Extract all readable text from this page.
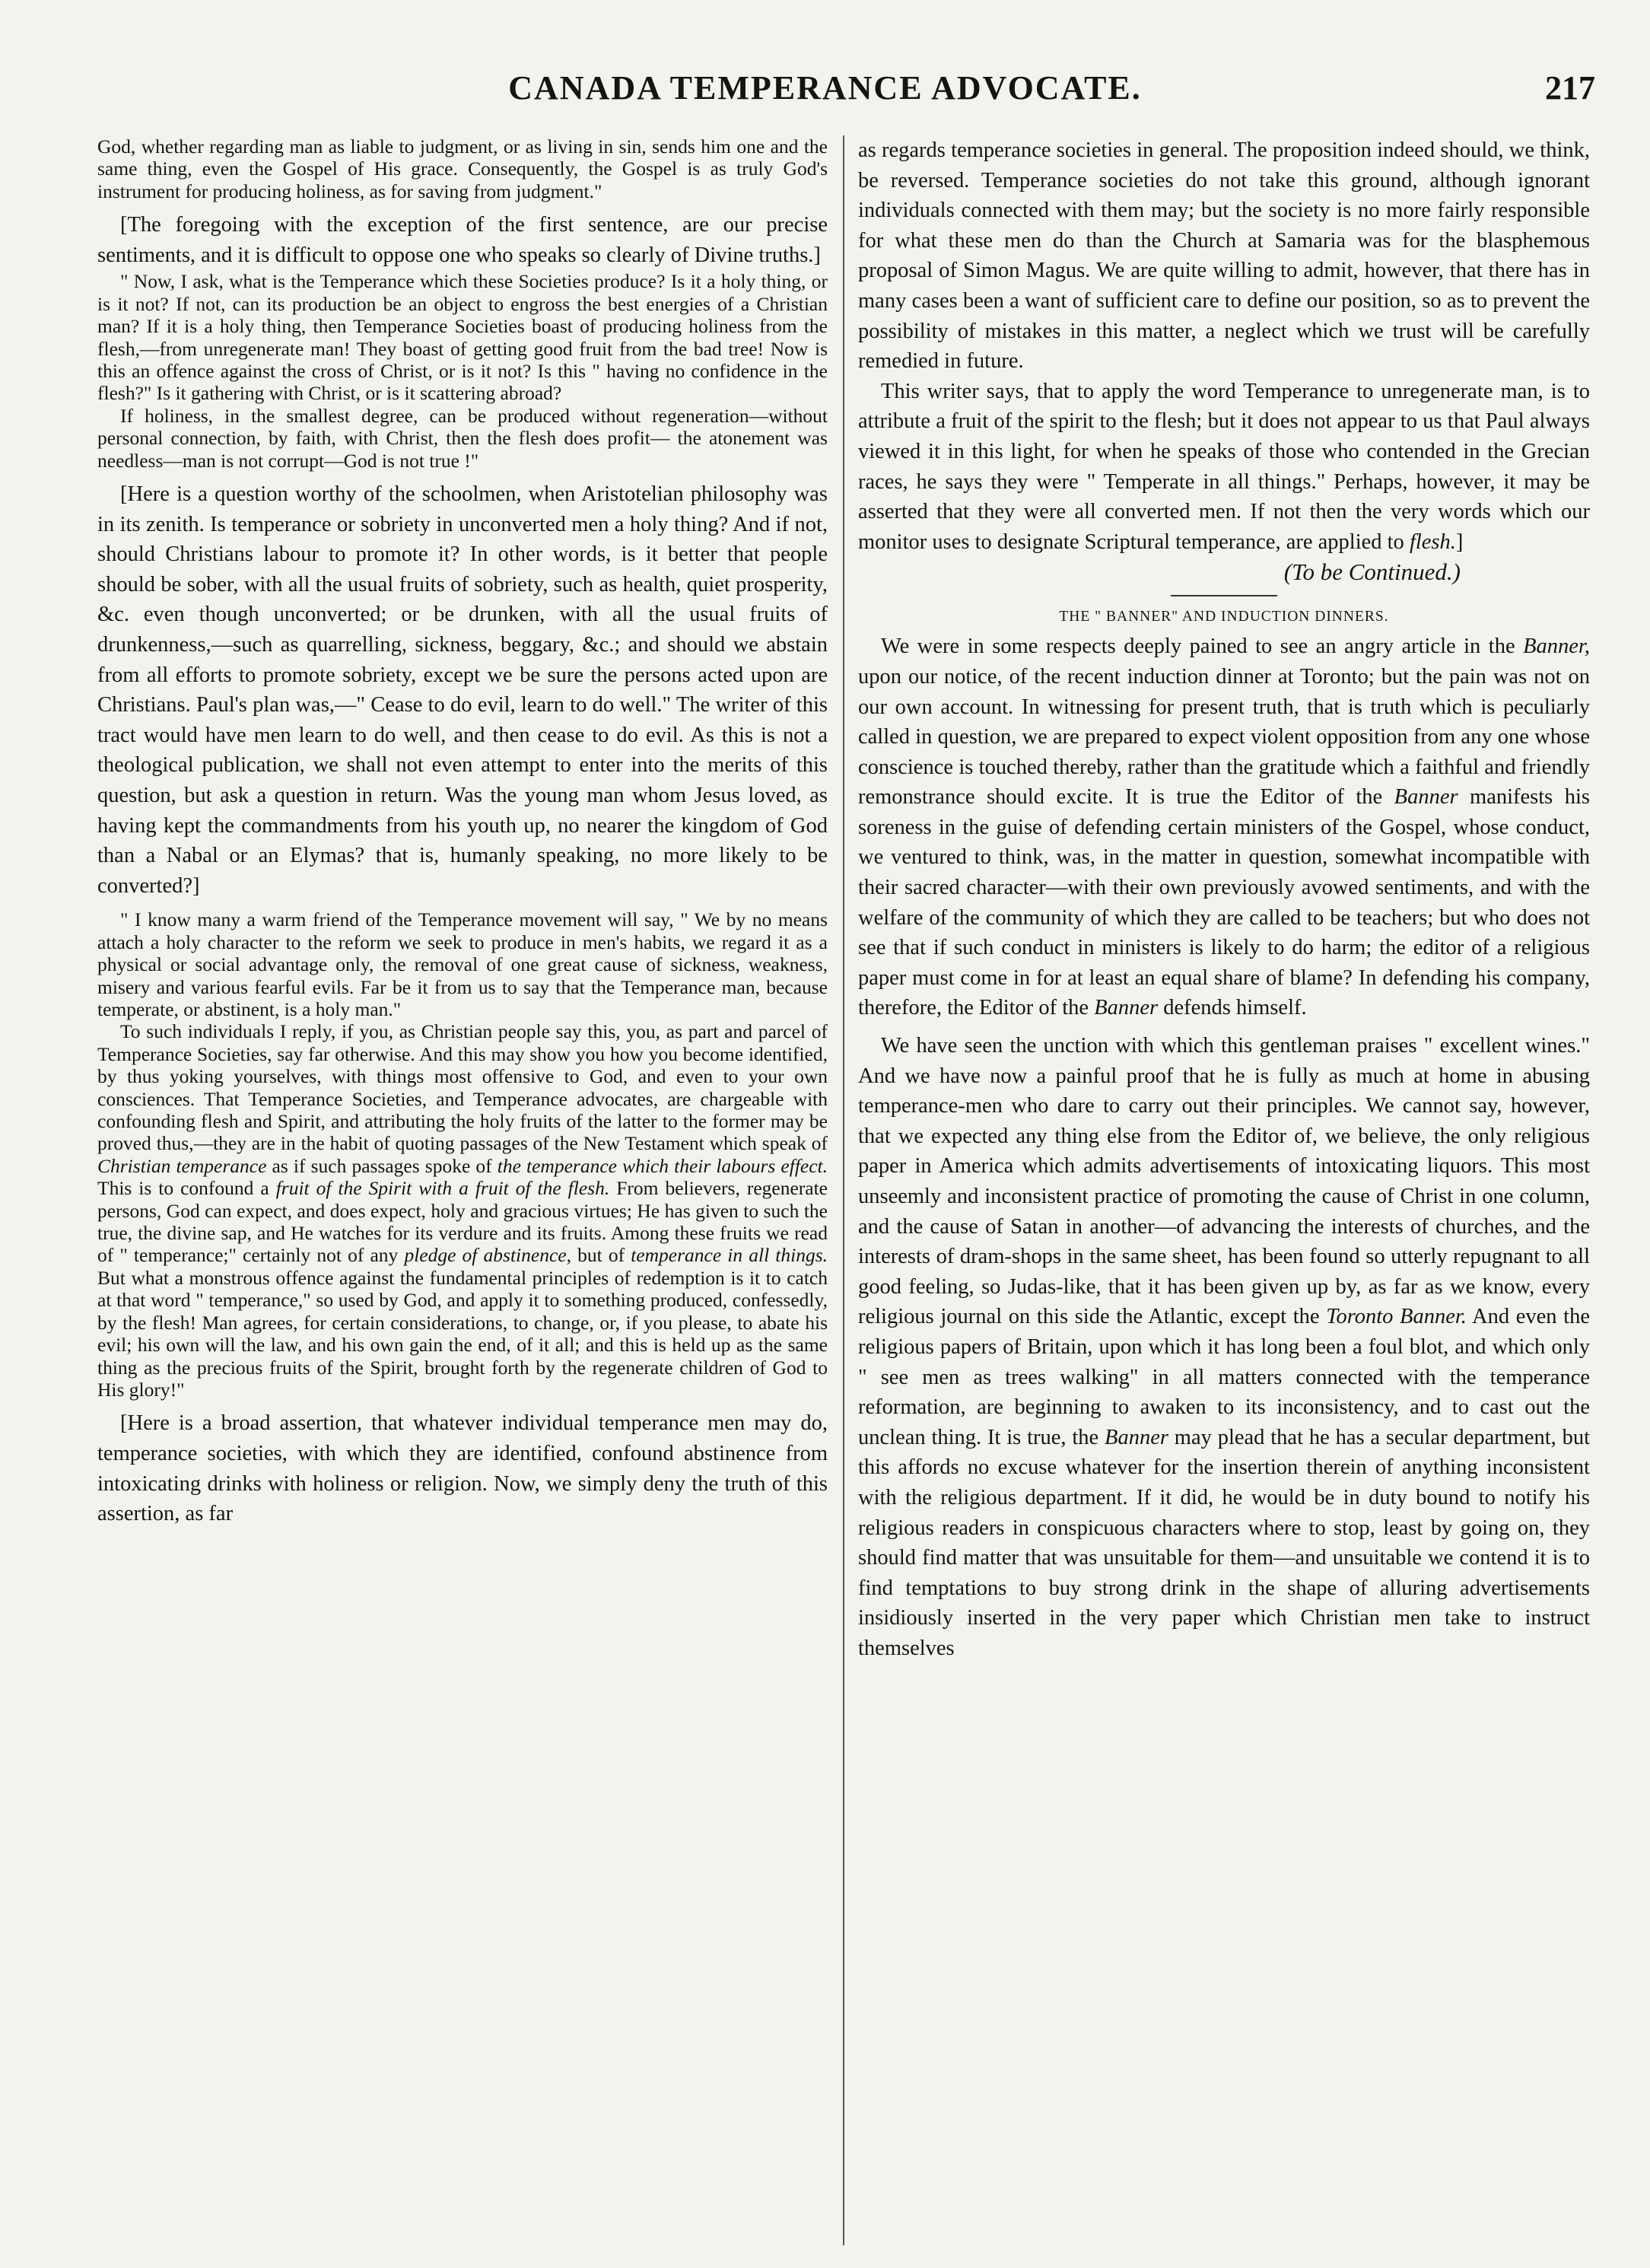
CANADA TEMPERANCE ADVOCATE.	217

God, whether regarding man as liable to judgment, or as living in sin, sends him one and the same thing, even the Gospel of His grace. Consequently, the Gospel is as truly God's instrument for producing holiness, as for saving from judgment."

[The foregoing with the exception of the first sentence, are our precise sentiments, and it is difficult to oppose one who speaks so clearly of Divine truths.]

" Now, I ask, what is the Temperance which these Societies produce? Is it a holy thing, or is it not? If not, can its production be an object to engross the best energies of a Christian man? If it is a holy thing, then Temperance Societies boast of producing holiness from the flesh,—from unregenerate man! They boast of getting good fruit from the bad tree! Now is this an offence against the cross of Christ, or is it not? Is this " having no confidence in the flesh?" Is it gathering with Christ, or is it scattering abroad?

If holiness, in the smallest degree, can be produced without regeneration—without personal connection, by faith, with Christ, then the flesh does profit— the atonement was needless—man is not corrupt—God is not true !"

[Here is a question worthy of the schoolmen, when Aristotelian philosophy was in its zenith. Is temperance or sobriety in unconverted men a holy thing? And if not, should Christians labour to promote it? In other words, is it better that people should be sober, with all the usual fruits of sobriety, such as health, quiet prosperity, &c. even though unconverted; or be drunken, with all the usual fruits of drunkenness,—such as quarrelling, sickness, beggary, &c.; and should we abstain from all efforts to promote sobriety, except we be sure the persons acted upon are Christians. Paul's plan was,—" Cease to do evil, learn to do well." The writer of this tract would have men learn to do well, and then cease to do evil. As this is not a theological publication, we shall not even attempt to enter into the merits of this question, but ask a question in return. Was the young man whom Jesus loved, as having kept the commandments from his youth up, no nearer the kingdom of God than a Nabal or an Elymas? that is, humanly speaking, no more likely to be converted?]

" I know many a warm friend of the Temperance movement will say, " We by no means attach a holy character to the reform we seek to produce in men's habits, we regard it as a physical or social advantage only, the removal of one great cause of sickness, weakness, misery and various fearful evils. Far be it from us to say that the Temperance man, because temperate, or abstinent, is a holy man."

To such individuals I reply, if you, as Christian people say this, you, as part and parcel of Temperance Societies, say far otherwise. And this may show you how you become identified, by thus yoking yourselves, with things most offensive to God, and even to your own consciences. That Temperance Societies, and Temperance advocates, are chargeable with confounding flesh and Spirit, and attributing the holy fruits of the latter to the former may be proved thus,—they are in the habit of quoting passages of the New Testament which speak of Christian temperance as if such passages spoke of the temperance which their labours effect. This is to confound a fruit of the Spirit with a fruit of the flesh. From believers, regenerate persons, God can expect, and does expect, holy and gracious virtues; He has given to such the true, the divine sap, and He watches for its verdure and its fruits. Among these fruits we read of " temperance;" certainly not of any pledge of abstinence, but of temperance in all things. But what a monstrous offence against the fundamental principles of redemption is it to catch at that word " temperance," so used by God, and apply it to something produced, confessedly, by the flesh! Man agrees, for certain considerations, to change, or, if you please, to abate his evil; his own will the law, and his own gain the end, of it all; and this is held up as the same thing as the precious fruits of the Spirit, brought forth by the regenerate children of God to His glory!"

[Here is a broad assertion, that whatever individual temperance men may do, temperance societies, with which they are identified, confound abstinence from intoxicating drinks with holiness or religion. Now, we simply deny the truth of this assertion, as far

as regards temperance societies in general. The proposition indeed should, we think, be reversed. Temperance societies do not take this ground, although ignorant individuals connected with them may; but the society is no more fairly responsible for what these men do than the Church at Samaria was for the blasphemous proposal of Simon Magus. We are quite willing to admit, however, that there has in many cases been a want of sufficient care to define our position, so as to prevent the possibility of mistakes in this matter, a neglect which we trust will be carefully remedied in future.

This writer says, that to apply the word Temperance to unregenerate man, is to attribute a fruit of the spirit to the flesh; but it does not appear to us that Paul always viewed it in this light, for when he speaks of those who contended in the Grecian races, he says they were " Temperate in all things." Perhaps, however, it may be asserted that they were all converted men. If not then the very words which our monitor uses to designate Scriptural temperance, are applied to flesh.]

(To be Continued.)

THE " BANNER" AND INDUCTION DINNERS.

We were in some respects deeply pained to see an angry article in the Banner, upon our notice, of the recent induction dinner at Toronto; but the pain was not on our own account. In witnessing for present truth, that is truth which is peculiarly called in question, we are prepared to expect violent opposition from any one whose conscience is touched thereby, rather than the gratitude which a faithful and friendly remonstrance should excite. It is true the Editor of the Banner manifests his soreness in the guise of defending certain ministers of the Gospel, whose conduct, we ventured to think, was, in the matter in question, somewhat incompatible with their sacred character—with their own previously avowed sentiments, and with the welfare of the community of which they are called to be teachers; but who does not see that if such conduct in ministers is likely to do harm; the editor of a religious paper must come in for at least an equal share of blame? In defending his company, therefore, the Editor of the Banner defends himself.

We have seen the unction with which this gentleman praises " excellent wines." And we have now a painful proof that he is fully as much at home in abusing temperance-men who dare to carry out their principles. We cannot say, however, that we expected any thing else from the Editor of, we believe, the only religious paper in America which admits advertisements of intoxicating liquors. This most unseemly and inconsistent practice of promoting the cause of Christ in one column, and the cause of Satan in another—of advancing the interests of churches, and the interests of dram-shops in the same sheet, has been found so utterly repugnant to all good feeling, so Judas-like, that it has been given up by, as far as we know, every religious journal on this side the Atlantic, except the Toronto Banner. And even the religious papers of Britain, upon which it has long been a foul blot, and which only " see men as trees walking" in all matters connected with the temperance reformation, are beginning to awaken to its inconsistency, and to cast out the unclean thing. It is true, the Banner may plead that he has a secular department, but this affords no excuse whatever for the insertion therein of anything inconsistent with the religious department. If it did, he would be in duty bound to notify his religious readers in conspicuous characters where to stop, least by going on, they should find matter that was unsuitable for them—and unsuitable we contend it is to find temptations to buy strong drink in the shape of alluring advertisements insidiously inserted in the very paper which Christian men take to instruct themselves
